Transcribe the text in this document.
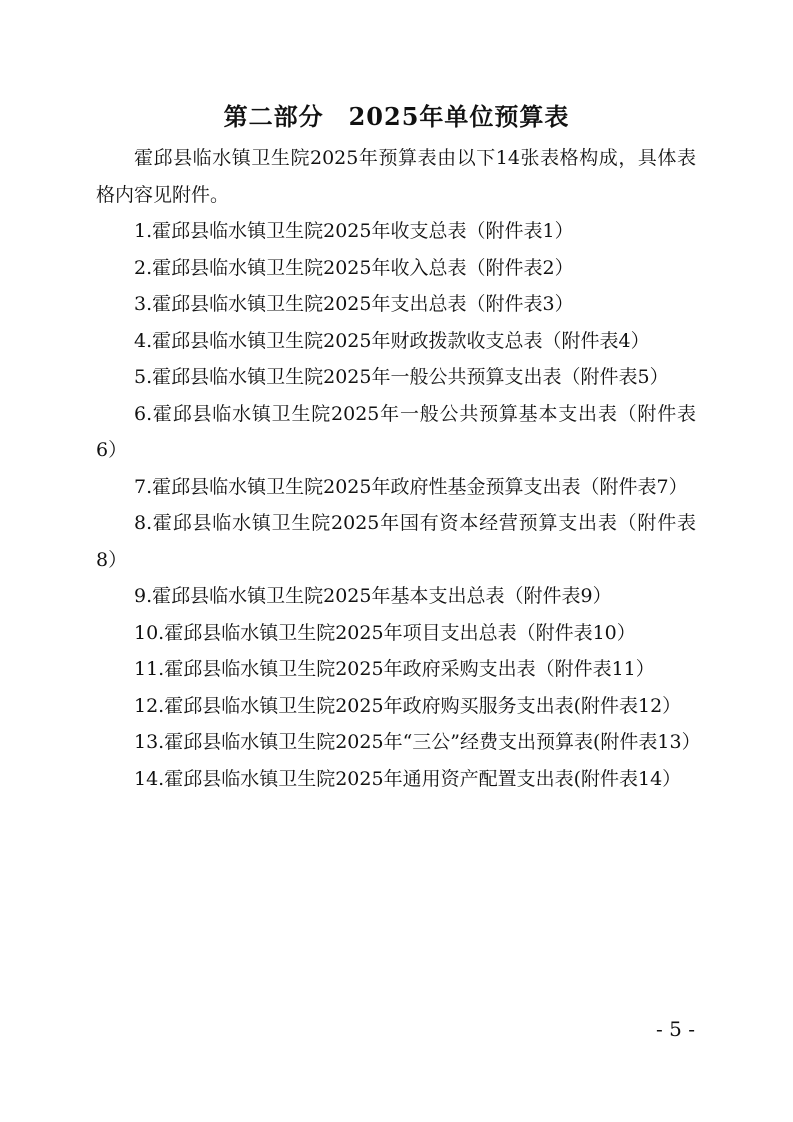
第二部分　2025年单位预算表

霍邱县临水镇卫生院2025年预算表由以下14张表格构成，具体表格内容见附件。

1.霍邱县临水镇卫生院2025年收支总表（附件表1）

2.霍邱县临水镇卫生院2025年收入总表（附件表2）

3.霍邱县临水镇卫生院2025年支出总表（附件表3）

4.霍邱县临水镇卫生院2025年财政拨款收支总表（附件表4）

5.霍邱县临水镇卫生院2025年一般公共预算支出表（附件表5）

6.霍邱县临水镇卫生院2025年一般公共预算基本支出表（附件表6）

7.霍邱县临水镇卫生院2025年政府性基金预算支出表（附件表7）

8.霍邱县临水镇卫生院2025年国有资本经营预算支出表（附件表8）

9.霍邱县临水镇卫生院2025年基本支出总表（附件表9）

10.霍邱县临水镇卫生院2025年项目支出总表（附件表10）

11.霍邱县临水镇卫生院2025年政府采购支出表（附件表11）

12.霍邱县临水镇卫生院2025年政府购买服务支出表(附件表12）

13.霍邱县临水镇卫生院2025年“三公”经费支出预算表(附件表13）

14.霍邱县临水镇卫生院2025年通用资产配置支出表(附件表14）

- 5 -
